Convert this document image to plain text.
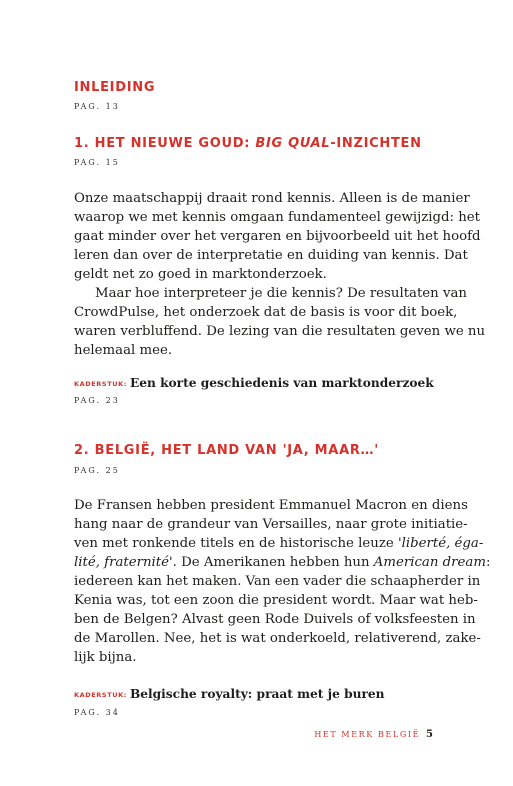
INLEIDING
PAG. 13
1. HET NIEUWE GOUD: BIG QUAL-INZICHTEN
PAG. 15
Onze maatschappij draait rond kennis. Alleen is de manier
waarop we met kennis omgaan fundamenteel gewijzigd: het
gaat minder over het vergaren en bijvoorbeeld uit het hoofd
leren dan over de interpretatie en duiding van kennis. Dat
geldt net zo goed in marktonderzoek.
Maar hoe interpreteer je die kennis? De resultaten van
CrowdPulse, het onderzoek dat de basis is voor dit boek,
waren verbluffend. De lezing van die resultaten geven we nu
helemaal mee.
KADERSTUK: Een korte geschiedenis van marktonderzoek
PAG. 23
2. BELGIË, HET LAND VAN 'JA, MAAR…'
PAG. 25
De Fransen hebben president Emmanuel Macron en diens
hang naar de grandeur van Versailles, naar grote initiatie-
ven met ronkende titels en de historische leuze 'liberté, éga-
lité, fraternité'. De Amerikanen hebben hun American dream:
iedereen kan het maken. Van een vader die schaapherder in
Kenia was, tot een zoon die president wordt. Maar wat heb-
ben de Belgen? Alvast geen Rode Duivels of volksfeesten in
de Marollen. Nee, het is wat onderkoeld, relativerend, zake-
lijk bijna.
KADERSTUK: Belgische royalty: praat met je buren
PAG. 34
HET MERK BELGIË 5
